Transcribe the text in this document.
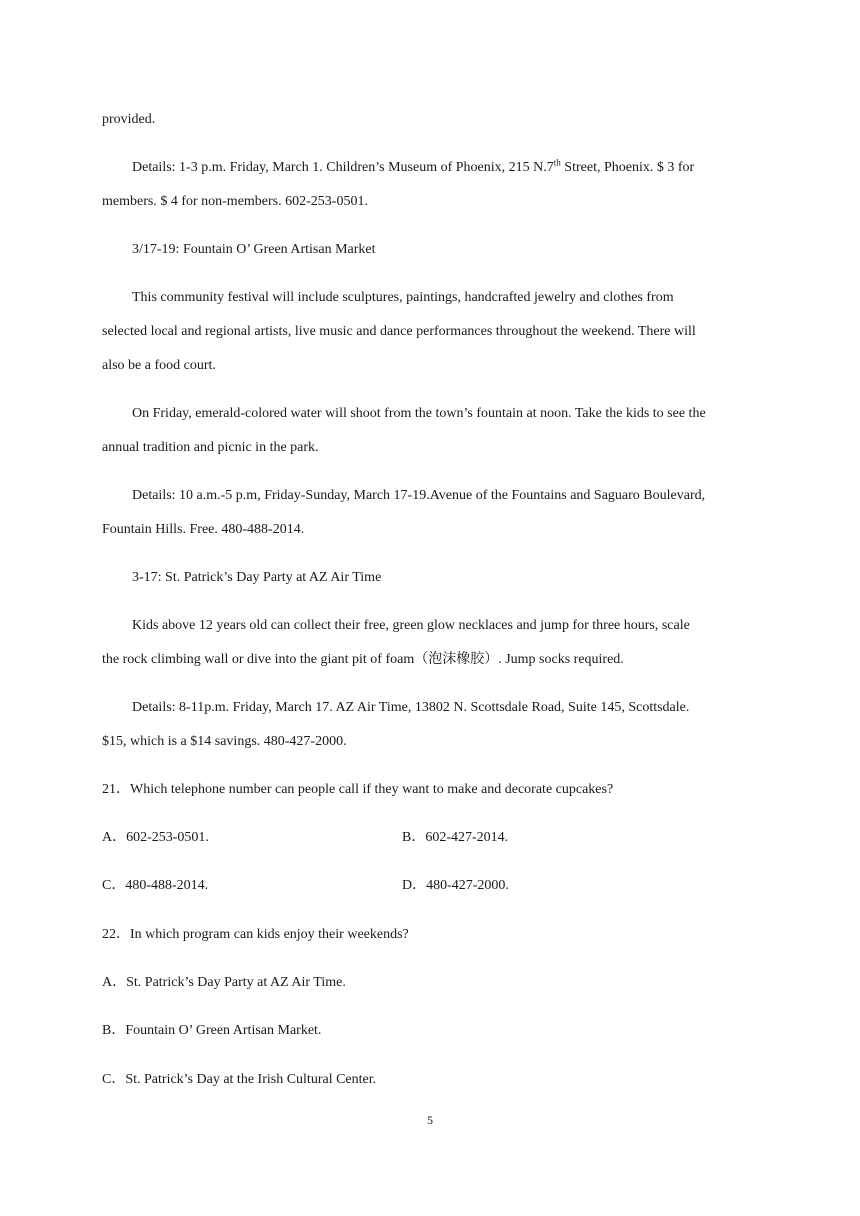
provided.
Details: 1-3 p.m. Friday, March 1. Children’s Museum of Phoenix, 215 N.7th Street, Phoenix. $ 3 for
members. $ 4 for non-members. 602-253-0501.
3/17-19: Fountain O’ Green Artisan Market
This community festival will include sculptures, paintings, handcrafted jewelry and clothes from
selected local and regional artists, live music and dance performances throughout the weekend. There will
also be a food court.
On Friday, emerald-colored water will shoot from the town’s fountain at noon. Take the kids to see the
annual tradition and picnic in the park.
Details: 10 a.m.-5 p.m, Friday-Sunday, March 17-19.Avenue of the Fountains and Saguaro Boulevard,
Fountain Hills. Free. 480-488-2014.
3-17: St. Patrick’s Day Party at AZ Air Time
Kids above 12 years old can collect their free, green glow necklaces and jump for three hours, scale
the rock climbing wall or dive into the giant pit of foam（泡沫橡胶）. Jump socks required.
Details: 8-11p.m. Friday, March 17. AZ Air Time, 13802 N. Scottsdale Road, Suite 145, Scottsdale.
$15, which is a $14 savings. 480-427-2000.
21．Which telephone number can people call if they want to make and decorate cupcakes?
A．602-253-0501.	B．602-427-2014.
C．480-488-2014.	D．480-427-2000.
22．In which program can kids enjoy their weekends?
A．St. Patrick’s Day Party at AZ Air Time.
B．Fountain O’ Green Artisan Market.
C．St. Patrick’s Day at the Irish Cultural Center.
5
